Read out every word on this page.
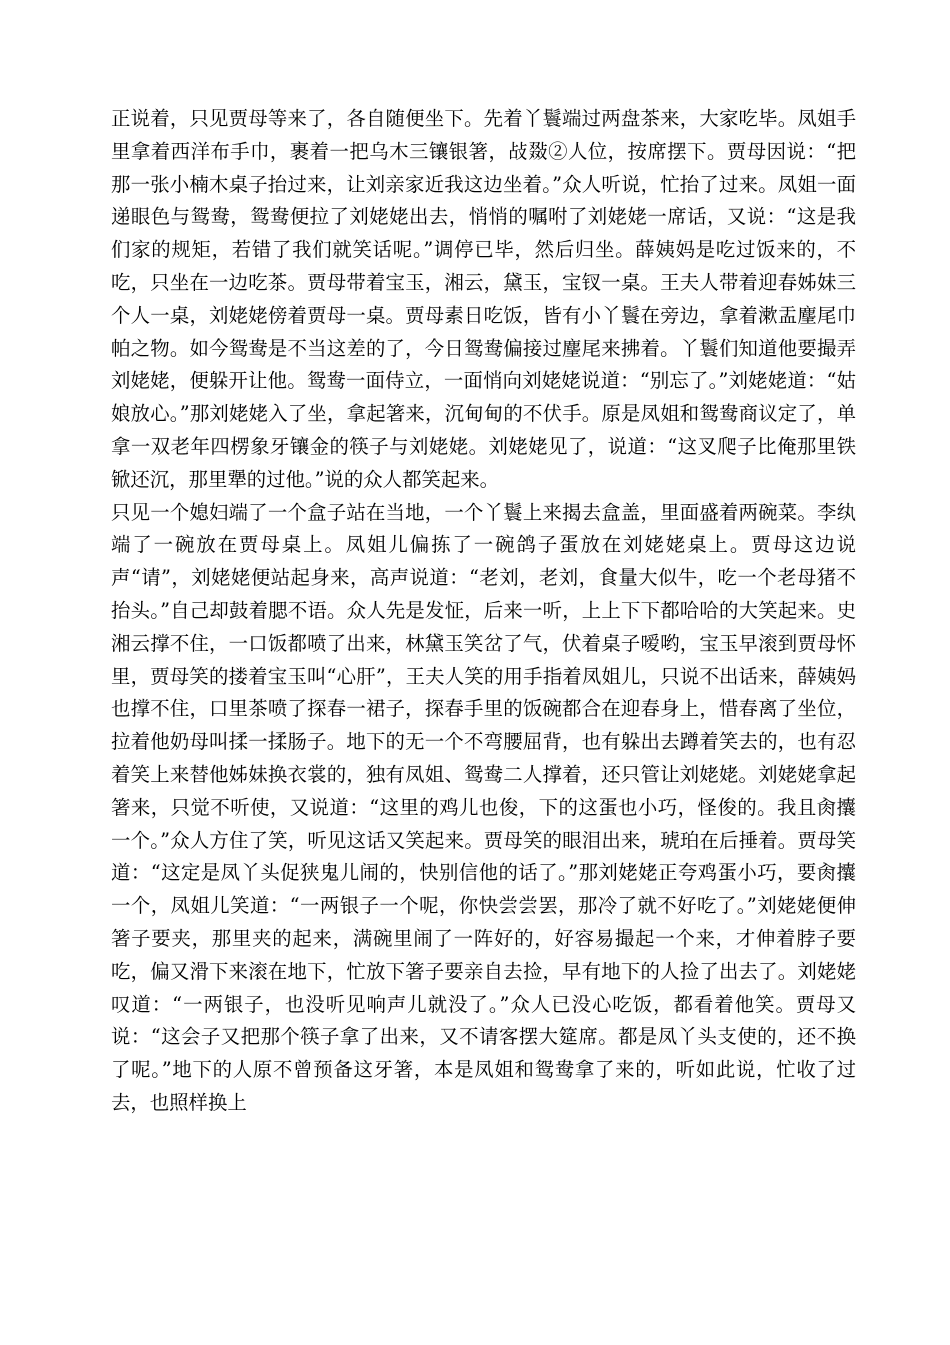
正说着，只见贾母等来了，各自随便坐下。先着丫鬟端过两盘茶来，大家吃毕。凤姐手里拿着西洋布手巾，裹着一把乌木三镶银箸，敁敠②人位，按席摆下。贾母因说：“把那一张小楠木桌子抬过来，让刘亲家近我这边坐着。”众人听说，忙抬了过来。凤姐一面递眼色与鸳鸯，鸳鸯便拉了刘姥姥出去，悄悄的嘱咐了刘姥姥一席话，又说：“这是我们家的规矩，若错了我们就笑话呢。”调停已毕，然后归坐。薛姨妈是吃过饭来的，不吃，只坐在一边吃茶。贾母带着宝玉，湘云，黛玉，宝钗一桌。王夫人带着迎春姊妹三个人一桌，刘姥姥傍着贾母一桌。贾母素日吃饭，皆有小丫鬟在旁边，拿着漱盂麈尾巾帕之物。如今鸳鸯是不当这差的了，今日鸳鸯偏接过麈尾来拂着。丫鬟们知道他要撮弄刘姥姥，便躲开让他。鸳鸯一面侍立，一面悄向刘姥姥说道：“别忘了。”刘姥姥道：“姑娘放心。”那刘姥姥入了坐，拿起箸来，沉甸甸的不伏手。原是凤姐和鸳鸯商议定了，单拿一双老年四楞象牙镶金的筷子与刘姥姥。刘姥姥见了，说道：“这叉爬子比俺那里铁锨还沉，那里犟的过他。”说的众人都笑起来。

只见一个媳妇端了一个盒子站在当地，一个丫鬟上来揭去盒盖，里面盛着两碗菜。李纨端了一碗放在贾母桌上。凤姐儿偏拣了一碗鸽子蛋放在刘姥姥桌上。贾母这边说声“请”，刘姥姥便站起身来，高声说道：“老刘，老刘，食量大似牛，吃一个老母猪不抬头。”自己却鼓着腮不语。众人先是发怔，后来一听，上上下下都哈哈的大笑起来。史湘云撑不住，一口饭都喷了出来，林黛玉笑岔了气，伏着桌子嗳哟，宝玉早滚到贾母怀里，贾母笑的搂着宝玉叫“心肝”，王夫人笑的用手指着凤姐儿，只说不出话来，薛姨妈也撑不住，口里茶喷了探春一裙子，探春手里的饭碗都合在迎春身上，惜春离了坐位，拉着他奶母叫揉一揉肠子。地下的无一个不弯腰屈背，也有躲出去蹲着笑去的，也有忍着笑上来替他姊妹换衣裳的，独有凤姐、鸳鸯二人撑着，还只管让刘姥姥。刘姥姥拿起箸来，只觉不听使，又说道：“这里的鸡儿也俊，下的这蛋也小巧，怪俊的。我且肏攮一个。”众人方住了笑，听见这话又笑起来。贾母笑的眼泪出来，琥珀在后捶着。贾母笑道：“这定是凤丫头促狭鬼儿闹的，快别信他的话了。”那刘姥姥正夸鸡蛋小巧，要肏攮一个，凤姐儿笑道：“一两银子一个呢，你快尝尝罢，那冷了就不好吃了。”刘姥姥便伸箸子要夹，那里夹的起来，满碗里闹了一阵好的，好容易撮起一个来，才伸着脖子要吃，偏又滑下来滚在地下，忙放下箸子要亲自去捡，早有地下的人捡了出去了。刘姥姥叹道：“一两银子，也没听见响声儿就没了。”众人已没心吃饭，都看着他笑。贾母又说：“这会子又把那个筷子拿了出来，又不请客摆大筵席。都是凤丫头支使的，还不换了呢。”地下的人原不曾预备这牙箸，本是凤姐和鸳鸯拿了来的，听如此说，忙收了过去，也照样换上
